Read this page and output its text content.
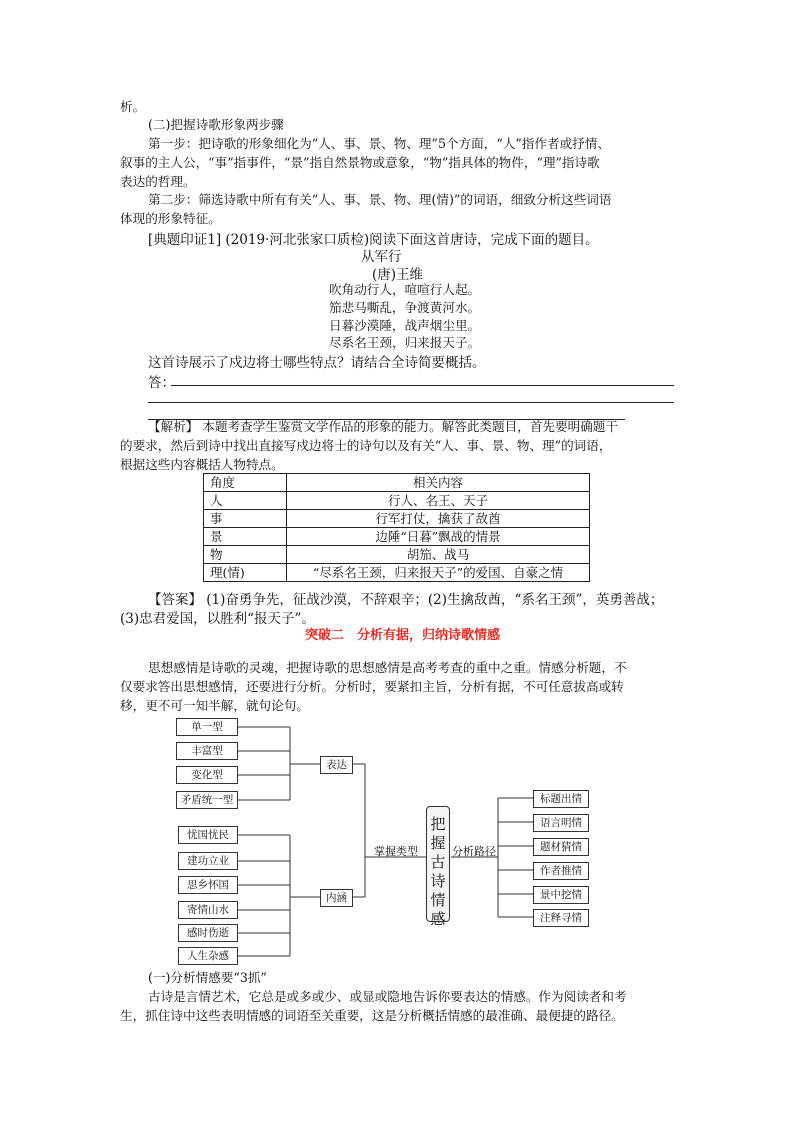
析。
(二)把握诗歌形象两步骤
第一步：把诗歌的形象细化为“人、事、景、物、理”5个方面，“人”指作者或抒情、
叙事的主人公，“事”指事件，“景”指自然景物或意象，“物”指具体的物件，“理”指诗歌
表达的哲理。
第二步：筛选诗歌中所有有关“人、事、景、物、理(情)”的词语，细致分析这些词语
体现的形象特征。
[典题印证1] (2019·河北张家口质检)阅读下面这首唐诗，完成下面的题目。
从军行
(唐)王维
吹角动行人，喧喧行人起。
笳悲马嘶乱，争渡黄河水。
日暮沙漠陲，战声烟尘里。
尽系名王颈，归来报天子。
这首诗展示了戍边将士哪些特点？请结合全诗简要概括。
答：
【解析】 本题考查学生鉴赏文学作品的形象的能力。解答此类题目，首先要明确题干
的要求，然后到诗中找出直接写戍边将士的诗句以及有关“人、事、景、物、理”的词语，
根据这些内容概括人物特点。
角度	相关内容
人	行人、名王、天子
事	行军打仗，擒获了敌酋
景	边陲“日暮”飘战的情景
物	胡笳、战马
理(情)	“尽系名王颈，归来报天子”的爱国、自豪之情
【答案】 (1)奋勇争先，征战沙漠，不辞艰辛；(2)生擒敌酋，“系名王颈”，英勇善战；
(3)忠君爱国，以胜利“报天子”。
突破二　分析有据，归纳诗歌情感
思想感情是诗歌的灵魂，把握诗歌的思想感情是高考考查的重中之重。情感分析题，不
仅要求答出思想感情，还要进行分析。分析时，要紧扣主旨，分析有据，不可任意拔高或转
移，更不可一知半解，就句论句。
单一型
丰富型
变化型
矛盾统一型
忧国忧民
建功立业
思乡怀国
寄情山水
感时伤逝
人生杂感
表达
内涵
掌握类型
把握古诗情感
分析路径
标题出情
语言明情
题材猜情
作者推情
景中挖情
注释寻情
(一)分析情感要“3抓”
古诗是言情艺术，它总是或多或少、或显或隐地告诉你要表达的情感。作为阅读者和考
生，抓住诗中这些表明情感的词语至关重要，这是分析概括情感的最准确、最便捷的路径。
